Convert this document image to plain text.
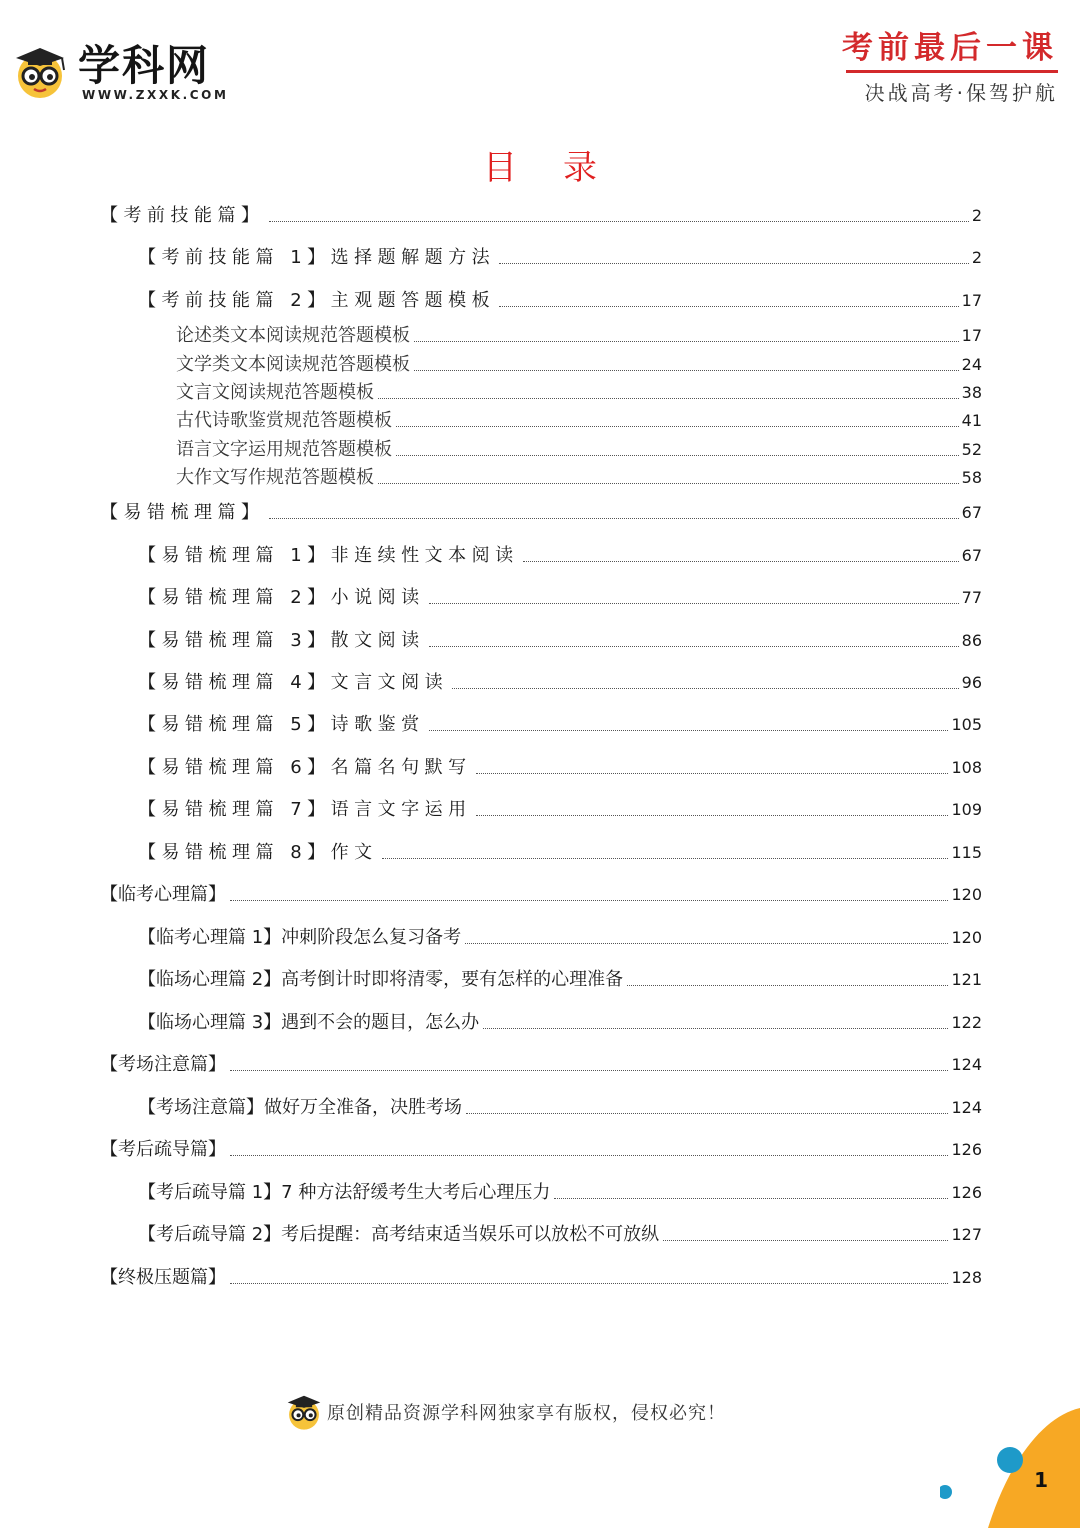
学科网
WWW.ZXXK.COM
考前最后一课
决战高考·保驾护航
目录
【考前技能篇】	2
【考前技能篇 1】选择题解题方法	2
【考前技能篇 2】主观题答题模板	17
论述类文本阅读规范答题模板	17
文学类文本阅读规范答题模板	24
文言文阅读规范答题模板	38
古代诗歌鉴赏规范答题模板	41
语言文字运用规范答题模板	52
大作文写作规范答题模板	58
【易错梳理篇】	67
【易错梳理篇 1】非连续性文本阅读	67
【易错梳理篇 2】小说阅读	77
【易错梳理篇 3】散文阅读	86
【易错梳理篇 4】文言文阅读	96
【易错梳理篇 5】诗歌鉴赏	105
【易错梳理篇 6】名篇名句默写	108
【易错梳理篇 7】语言文字运用	109
【易错梳理篇 8】作文	115
【临考心理篇】	120
【临考心理篇 1】冲刺阶段怎么复习备考	120
【临场心理篇 2】高考倒计时即将清零，要有怎样的心理准备	121
【临场心理篇 3】遇到不会的题目，怎么办	122
【考场注意篇】	124
【考场注意篇】做好万全准备，决胜考场	124
【考后疏导篇】	126
【考后疏导篇 1】7 种方法舒缓考生大考后心理压力	126
【考后疏导篇 2】考后提醒：高考结束适当娱乐可以放松不可放纵	127
【终极压题篇】	128
原创精品资源学科网独家享有版权，侵权必究！
1
